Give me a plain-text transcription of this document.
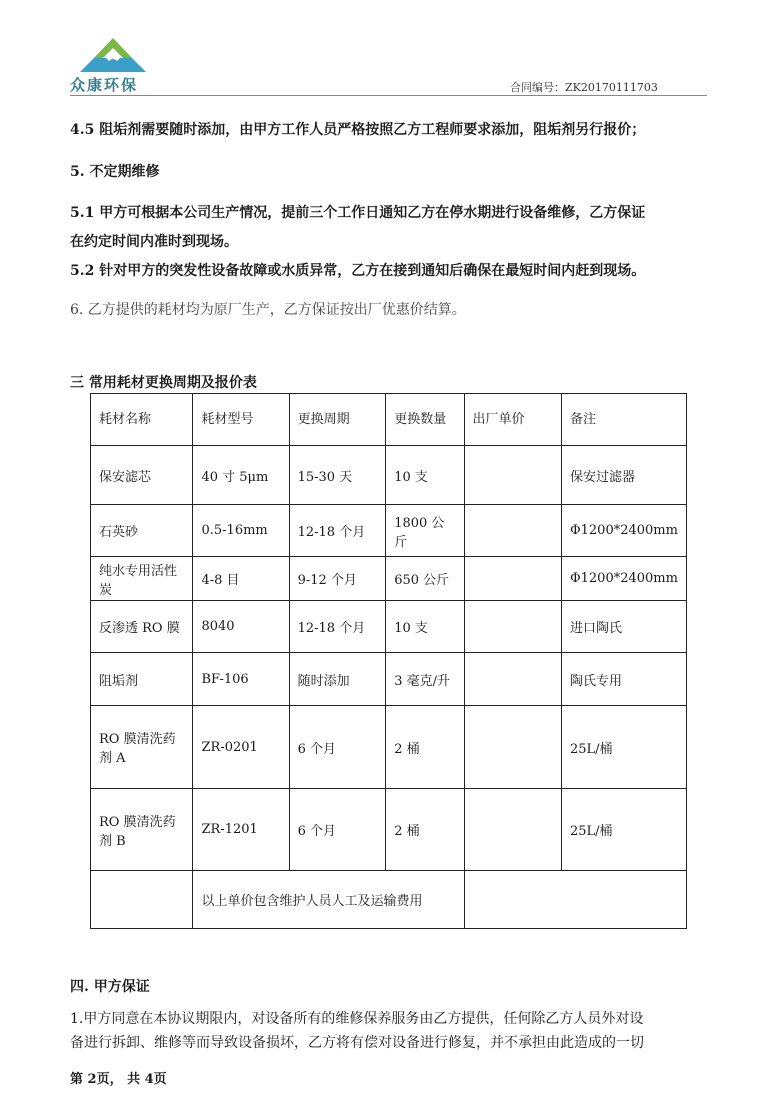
众康环保	合同编号：ZK20170111703
4.5 阻垢剂需要随时添加，由甲方工作人员严格按照乙方工程师要求添加，阻垢剂另行报价；
5. 不定期维修
5.1 甲方可根据本公司生产情况，提前三个工作日通知乙方在停水期进行设备维修，乙方保证
在约定时间内准时到现场。
5.2 针对甲方的突发性设备故障或水质异常，乙方在接到通知后确保在最短时间内赶到现场。
6. 乙方提供的耗材均为原厂生产，乙方保证按出厂优惠价结算。
三 常用耗材更换周期及报价表
耗材名称	耗材型号	更换周期	更换数量	出厂单价	备注
保安滤芯	40 寸 5μm	15-30 天	10 支		保安过滤器
石英砂	0.5-16mm	12-18 个月	1800 公斤		Φ1200*2400mm
纯水专用活性炭	4-8 目	9-12 个月	650 公斤		Φ1200*2400mm
反渗透 RO 膜	8040	12-18 个月	10 支		进口陶氏
阻垢剂	BF-106	随时添加	3 毫克/升		陶氏专用
RO 膜清洗药剂 A	ZR-0201	6 个月	2 桶		25L/桶
RO 膜清洗药剂 B	ZR-1201	6 个月	2 桶		25L/桶
	以上单价包含维护人员人工及运输费用				
四. 甲方保证
1.甲方同意在本协议期限内，对设备所有的维修保养服务由乙方提供，任何除乙方人员外对设
备进行拆卸、维修等而导致设备损坏，乙方将有偿对设备进行修复，并不承担由此造成的一切
第 2页， 共 4页
